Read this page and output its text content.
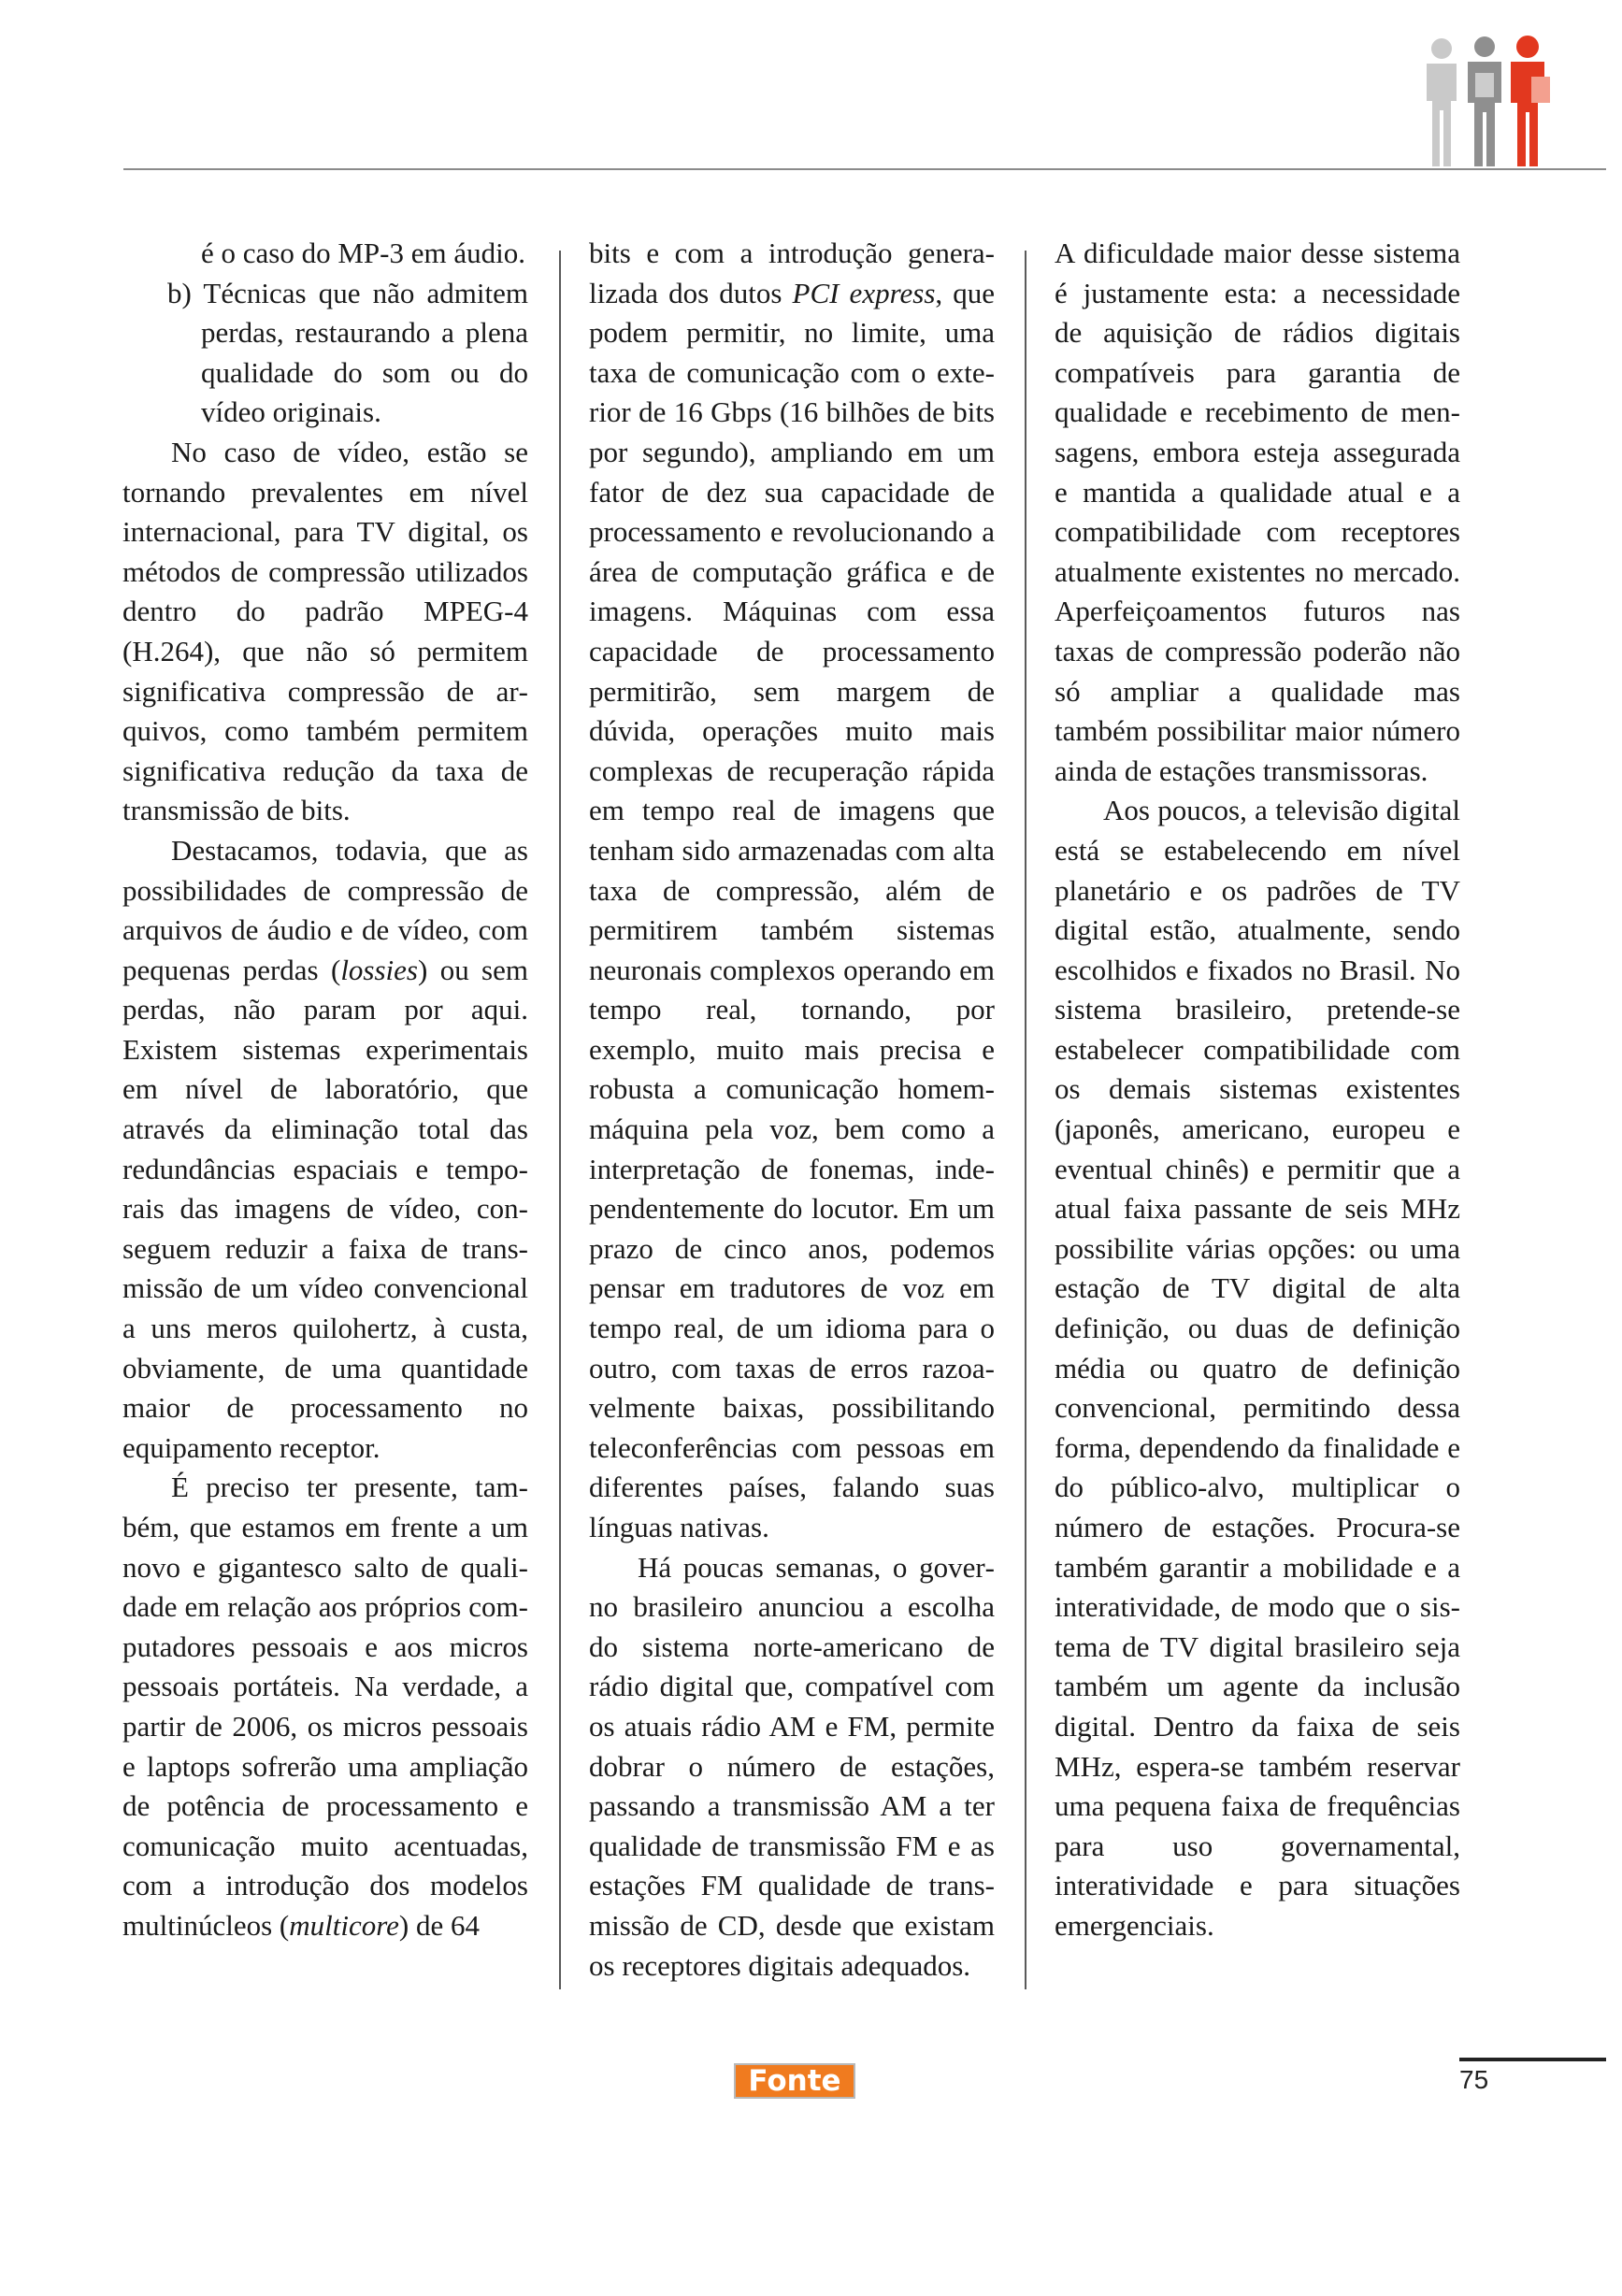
é o caso do MP-3 em áudio.

b) Técnicas que não admitem perdas, restaurando a plena qualidade do som ou do vídeo originais.

No caso de vídeo, estão se tornando prevalentes em nível internacional, para TV digital, os métodos de compressão utilizados dentro do padrão MPEG-4 (H.264), que não só permitem significativa compressão de arquivos, como também permitem significativa redução da taxa de transmissão de bits.

Destacamos, todavia, que as possibilidades de compressão de arquivos de áudio e de vídeo, com pequenas perdas (lossies) ou sem perdas, não param por aqui. Existem sistemas experimentais em nível de laboratório, que através da eliminação total das redundâncias espaciais e temporais das imagens de vídeo, conseguem reduzir a faixa de transmissão de um vídeo convencional a uns meros quilohertz, à custa, obviamente, de uma quantidade maior de processamento no equipamento receptor.

É preciso ter presente, também, que estamos em frente a um novo e gigantesco salto de qualidade em relação aos próprios computadores pessoais e aos micros pessoais portáteis. Na verdade, a partir de 2006, os micros pessoais e laptops sofrerão uma ampliação de potência de processamento e comunicação muito acentuadas, com a introdução dos modelos multinúcleos (multicore) de 64

bits e com a introdução generalizada dos dutos PCI express, que podem permitir, no limite, uma taxa de comunicação com o exterior de 16 Gbps (16 bilhões de bits por segundo), ampliando em um fator de dez sua capacidade de processamento e revolucionando a área de computação gráfica e de imagens. Máquinas com essa capacidade de processamento permitirão, sem margem de dúvida, operações muito mais complexas de recuperação rápida em tempo real de imagens que tenham sido armazenadas com alta taxa de compressão, além de permitirem também sistemas neuronais complexos operando em tempo real, tornando, por exemplo, muito mais precisa e robusta a comunicação homem-máquina pela voz, bem como a interpretação de fonemas, independentemente do locutor. Em um prazo de cinco anos, podemos pensar em tradutores de voz em tempo real, de um idioma para o outro, com taxas de erros razoavelmente baixas, possibilitando teleconferências com pessoas em diferentes países, falando suas línguas nativas.

Há poucas semanas, o governo brasileiro anunciou a escolha do sistema norte-americano de rádio digital que, compatível com os atuais rádio AM e FM, permite dobrar o número de estações, passando a transmissão AM a ter qualidade de transmissão FM e as estações FM qualidade de transmissão de CD, desde que existam os receptores digitais adequados.

A dificuldade maior desse sistema é justamente esta: a necessidade de aquisição de rádios digitais compatíveis para garantia de qualidade e recebimento de mensagens, embora esteja assegurada e mantida a qualidade atual e a compatibilidade com receptores atualmente existentes no mercado. Aperfeiçoamentos futuros nas taxas de compressão poderão não só ampliar a qualidade mas também possibilitar maior número ainda de estações transmissoras.

Aos poucos, a televisão digital está se estabelecendo em nível planetário e os padrões de TV digital estão, atualmente, sendo escolhidos e fixados no Brasil. No sistema brasileiro, pretende-se estabelecer compatibilidade com os demais sistemas existentes (japonês, americano, europeu e eventual chinês) e permitir que a atual faixa passante de seis MHz possibilite várias opções: ou uma estação de TV digital de alta definição, ou duas de definição média ou quatro de definição convencional, permitindo dessa forma, dependendo da finalidade e do público-alvo, multiplicar o número de estações. Procura-se também garantir a mobilidade e a interatividade, de modo que o sistema de TV digital brasileiro seja também um agente da inclusão digital. Dentro da faixa de seis MHz, espera-se também reservar uma pequena faixa de frequências para uso governamental, interatividade e para situações emergenciais.

Fonte	75
